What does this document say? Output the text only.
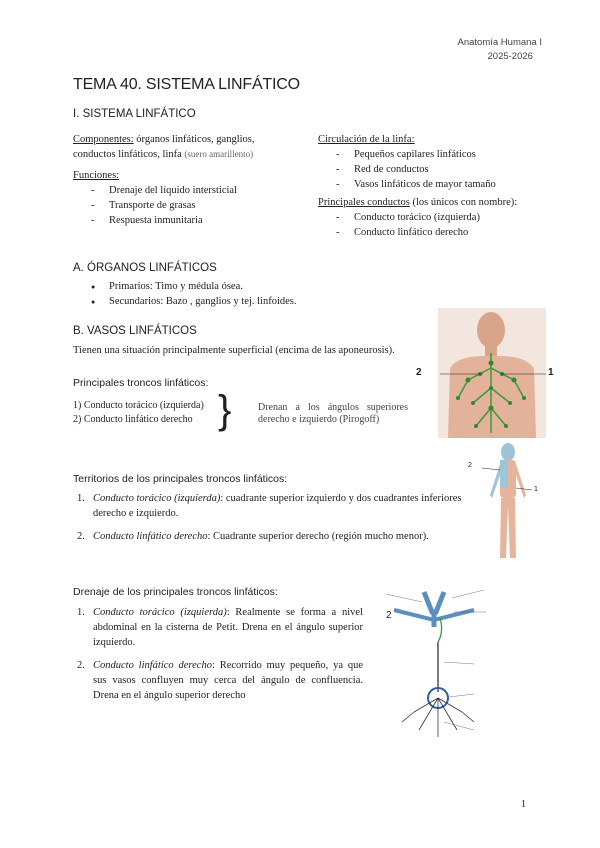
Anatomía Humana I
2025-2026
TEMA 40. SISTEMA LINFÁTICO
I. SISTEMA LINFÁTICO
Componentes: órganos linfáticos, ganglios, conductos linfáticos, linfa (suero amarillento)
Funciones:
- Drenaje del líquido intersticial
- Transporte de grasas
- Respuesta inmunitaria
Circulación de la linfa:
- Pequeños capilares linfáticos
- Red de conductos
- Vasos linfáticos de mayor tamaño
Principales conductos (los únicos con nombre):
- Conducto torácico (izquierda)
- Conducto linfático derecho
A. ÓRGANOS LINFÁTICOS
● Primarios: Timo y médula ósea.
● Secundarios: Bazo , ganglios y tej. linfoides.
B. VASOS LINFÁTICOS
Tienen una situación principalmente superficial (encima de las aponeurosis).
Principales troncos linfáticos:
1) Conducto torácico (izquierda)
2) Conducto linfático derecho }	Drenan a los ángulos superiores derecho e izquierdo (Pirogoff)
Territorios de los principales troncos linfáticos:
1. Conducto torácico (izquierda): cuadrante superior izquierdo y dos cuadrantes inferiores derecho e izquierdo.
2. Conducto linfático derecho: Cuadrante superior derecho (región mucho menor).
Drenaje de los principales troncos linfáticos:
1. Conducto torácico (izquierda): Realmente se forma a nivel abdominal en la cisterna de Petit. Drena en el ángulo superior izquierdo.
2. Conducto linfático derecho: Recorrido muy pequeño, ya que sus vasos confluyen muy cerca del ángulo de confluencia. Drena en el ángulo superior derecho
2	1
2
1
2
1
